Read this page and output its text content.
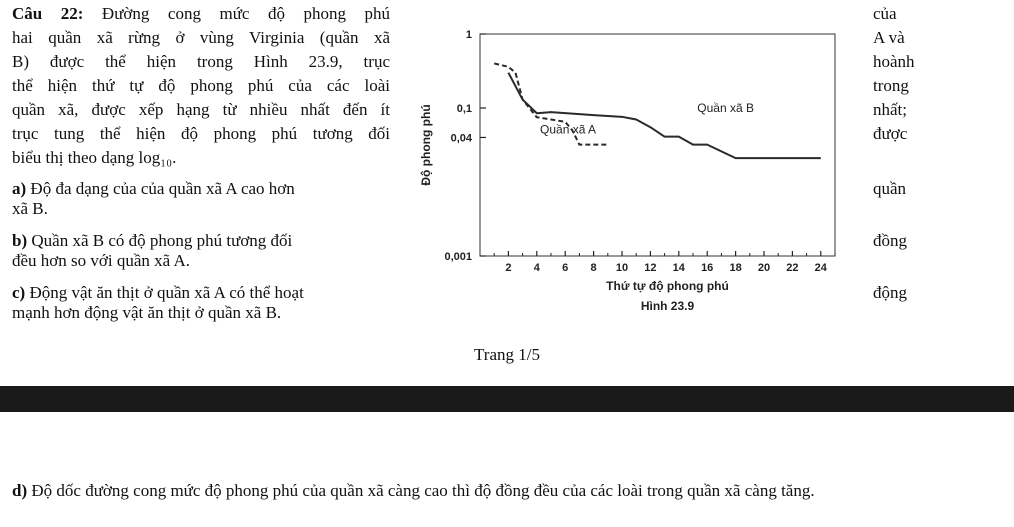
Câu 22: Đường cong mức độ phong phú
hai quần xã rừng ở vùng Virginia (quần xã
B) được thể hiện trong Hình 23.9, trục
thể hiện thứ tự độ phong phú của các loài
quần xã, được xếp hạng từ nhiều nhất đến ít
trục tung thể hiện độ phong phú tương đối
biểu thị theo dạng log₁₀.
của
A và
hoành
trong
nhất;
được
a) Độ đa dạng của của quần xã A cao hơn
xã B.
quần
b) Quần xã B có độ phong phú tương đối
đều hơn so với quần xã A.
đồng
c) Động vật ăn thịt ở quần xã A có thể hoạt
mạnh hơn động vật ăn thịt ở quần xã B.
động
2 4 6 8 10 12 14 16 18 20 22 24
0,001
0,04
0,1
1
Độ phong phú
Thứ tự độ phong phú
Hình 23.9
Quần xã A
Quần xã B
Trang 1/5
d) Độ dốc đường cong mức độ phong phú của quần xã càng cao thì độ đồng đều của các loài trong quần xã càng tăng.
